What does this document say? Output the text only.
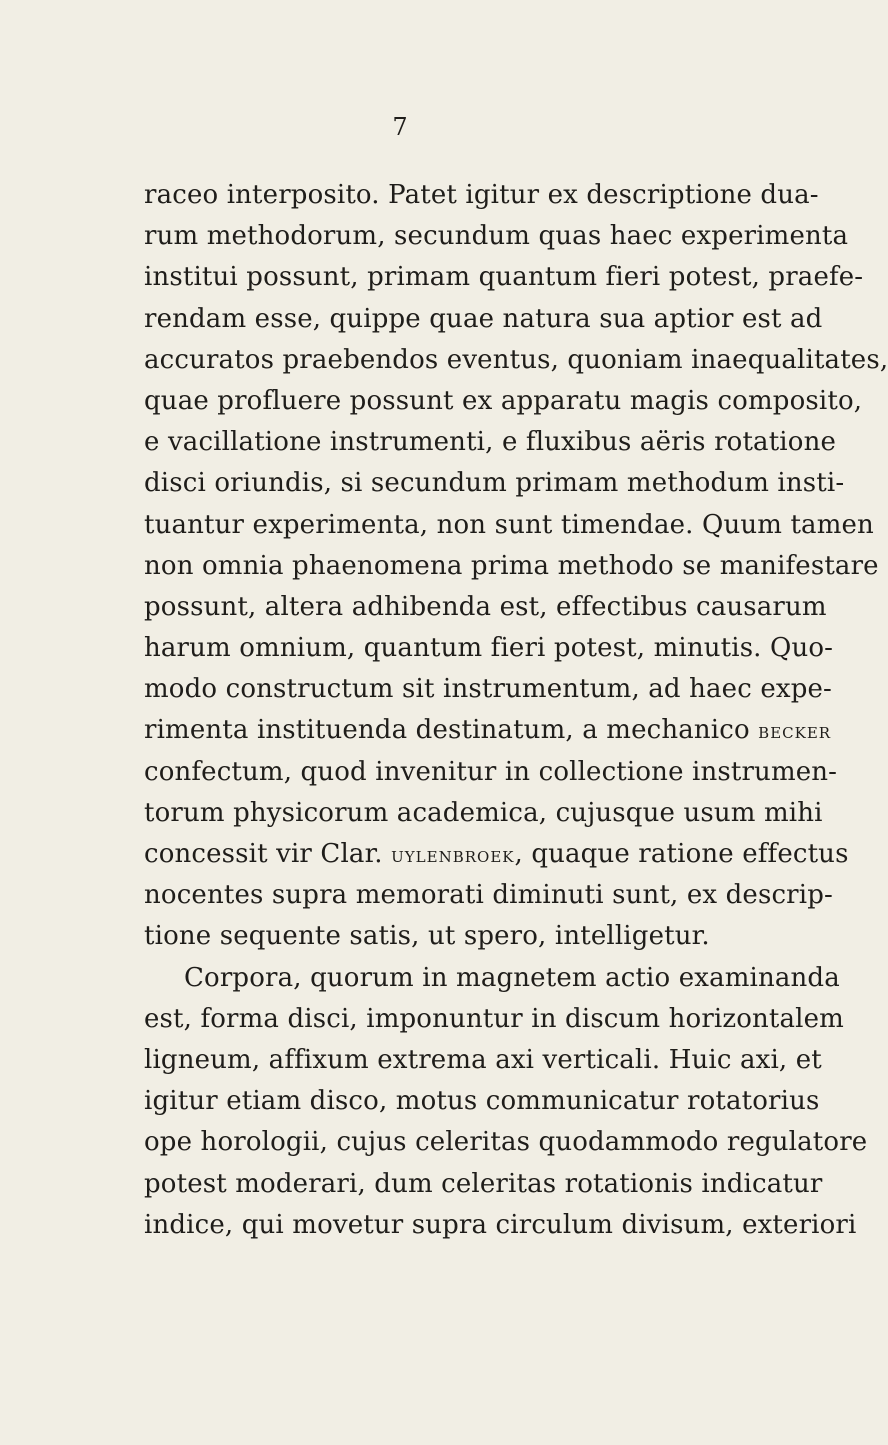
7
raceo interposito. Patet igitur ex descriptione dua-
rum methodorum, secundum quas haec experimenta
institui possunt, primam quantum fieri potest, praefe-
rendam esse, quippe quae natura sua aptior est ad
accuratos praebendos eventus, quoniam inaequalitates,
quae profluere possunt ex apparatu magis composito,
e vacillatione instrumenti, e fluxibus aëris rotatione
disci oriundis, si secundum primam methodum insti-
tuantur experimenta, non sunt timendae. Quum tamen
non omnia phaenomena prima methodo se manifestare
possunt, altera adhibenda est, effectibus causarum
harum omnium, quantum fieri potest, minutis. Quo-
modo constructum sit instrumentum, ad haec expe-
rimenta instituenda destinatum, a mechanico BECKER
confectum, quod invenitur in collectione instrumen-
torum physicorum academica, cujusque usum mihi
concessit vir Clar. UYLENBROEK, quaque ratione effectus
nocentes supra memorati diminuti sunt, ex descrip-
tione sequente satis, ut spero, intelligetur.
Corpora, quorum in magnetem actio examinanda
est, forma disci, imponuntur in discum horizontalem
ligneum, affixum extrema axi verticali. Huic axi, et
igitur etiam disco, motus communicatur rotatorius
ope horologii, cujus celeritas quodammodo regulatore
potest moderari, dum celeritas rotationis indicatur
indice, qui movetur supra circulum divisum, exteriori
